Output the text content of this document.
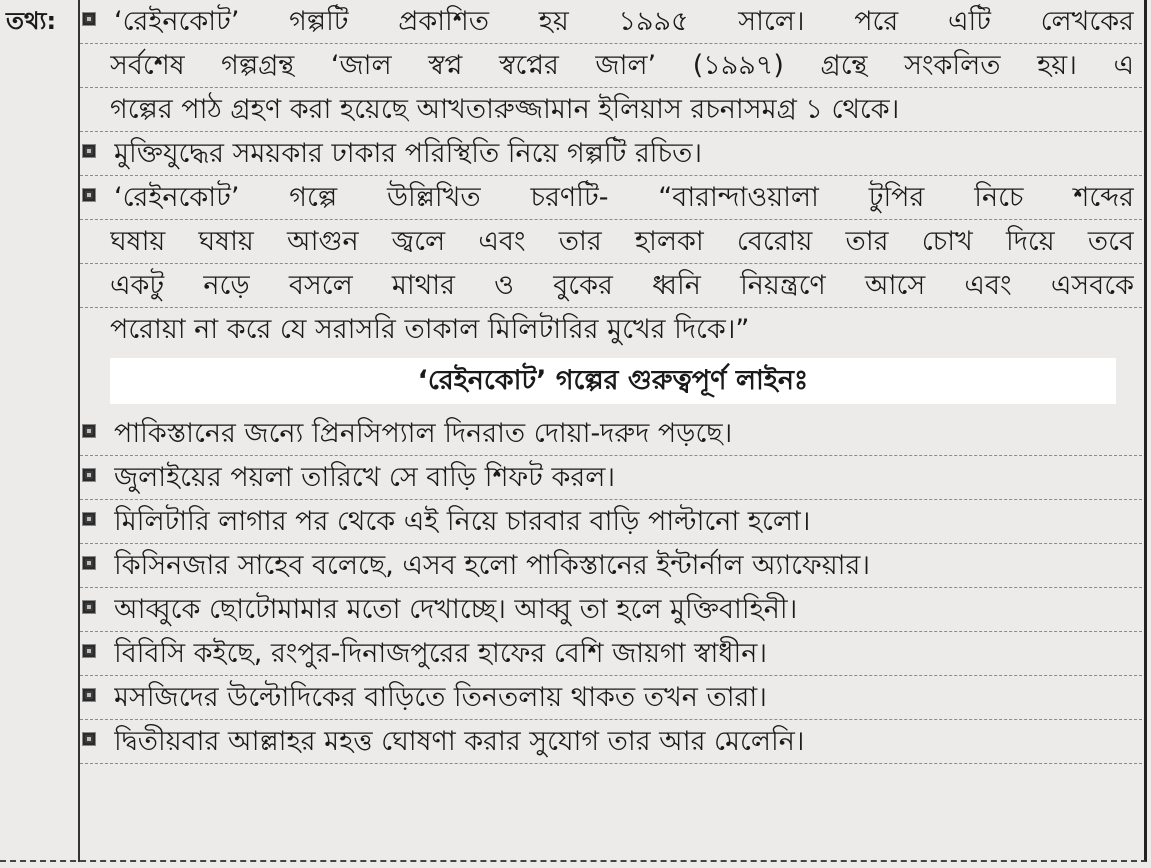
তথ্য: ‘রেইনকোট’ গল্পটি প্রকাশিত হয় ১৯৯৫ সালে। পরে এটি লেখকের
সর্বশেষ গল্পগ্রন্থ ‘জাল স্বপ্ন স্বপ্নের জাল’ (১৯৯৭) গ্রন্থে সংকলিত হয়। এ
গল্পের পাঠ গ্রহণ করা হয়েছে আখতারুজ্জামান ইলিয়াস রচনাসমগ্র ১ থেকে।
মুক্তিযুদ্ধের সময়কার ঢাকার পরিস্থিতি নিয়ে গল্পটি রচিত।
‘রেইনকোট’ গল্পে উল্লিখিত চরণটি- “বারান্দাওয়ালা টুপির নিচে শব্দের
ঘষায় ঘষায় আগুন জ্বলে এবং তার হালকা বেরোয় তার চোখ দিয়ে তবে
একটু নড়ে বসলে মাথার ও বুকের ধ্বনি নিয়ন্ত্রণে আসে এবং এসবকে
পরোয়া না করে যে সরাসরি তাকাল মিলিটারির মুখের দিকে।”
‘রেইনকোট’ গল্পের গুরুত্বপূর্ণ লাইনঃ
পাকিস্তানের জন্যে প্রিনসিপ্যাল দিনরাত দোয়া-দরুদ পড়ছে।
জুলাইয়ের পয়লা তারিখে সে বাড়ি শিফট করল।
মিলিটারি লাগার পর থেকে এই নিয়ে চারবার বাড়ি পাল্টানো হলো।
কিসিনজার সাহেব বলেছে, এসব হলো পাকিস্তানের ইন্টার্নাল অ্যাফেয়ার।
আব্বুকে ছোটোমামার মতো দেখাচ্ছে। আব্বু তা হলে মুক্তিবাহিনী।
বিবিসি কইছে, রংপুর-দিনাজপুরের হাফের বেশি জায়গা স্বাধীন।
মসজিদের উল্টোদিকের বাড়িতে তিনতলায় থাকত তখন তারা।
দ্বিতীয়বার আল্লাহর মহত্ত ঘোষণা করার সুযোগ তার আর মেলেনি।
